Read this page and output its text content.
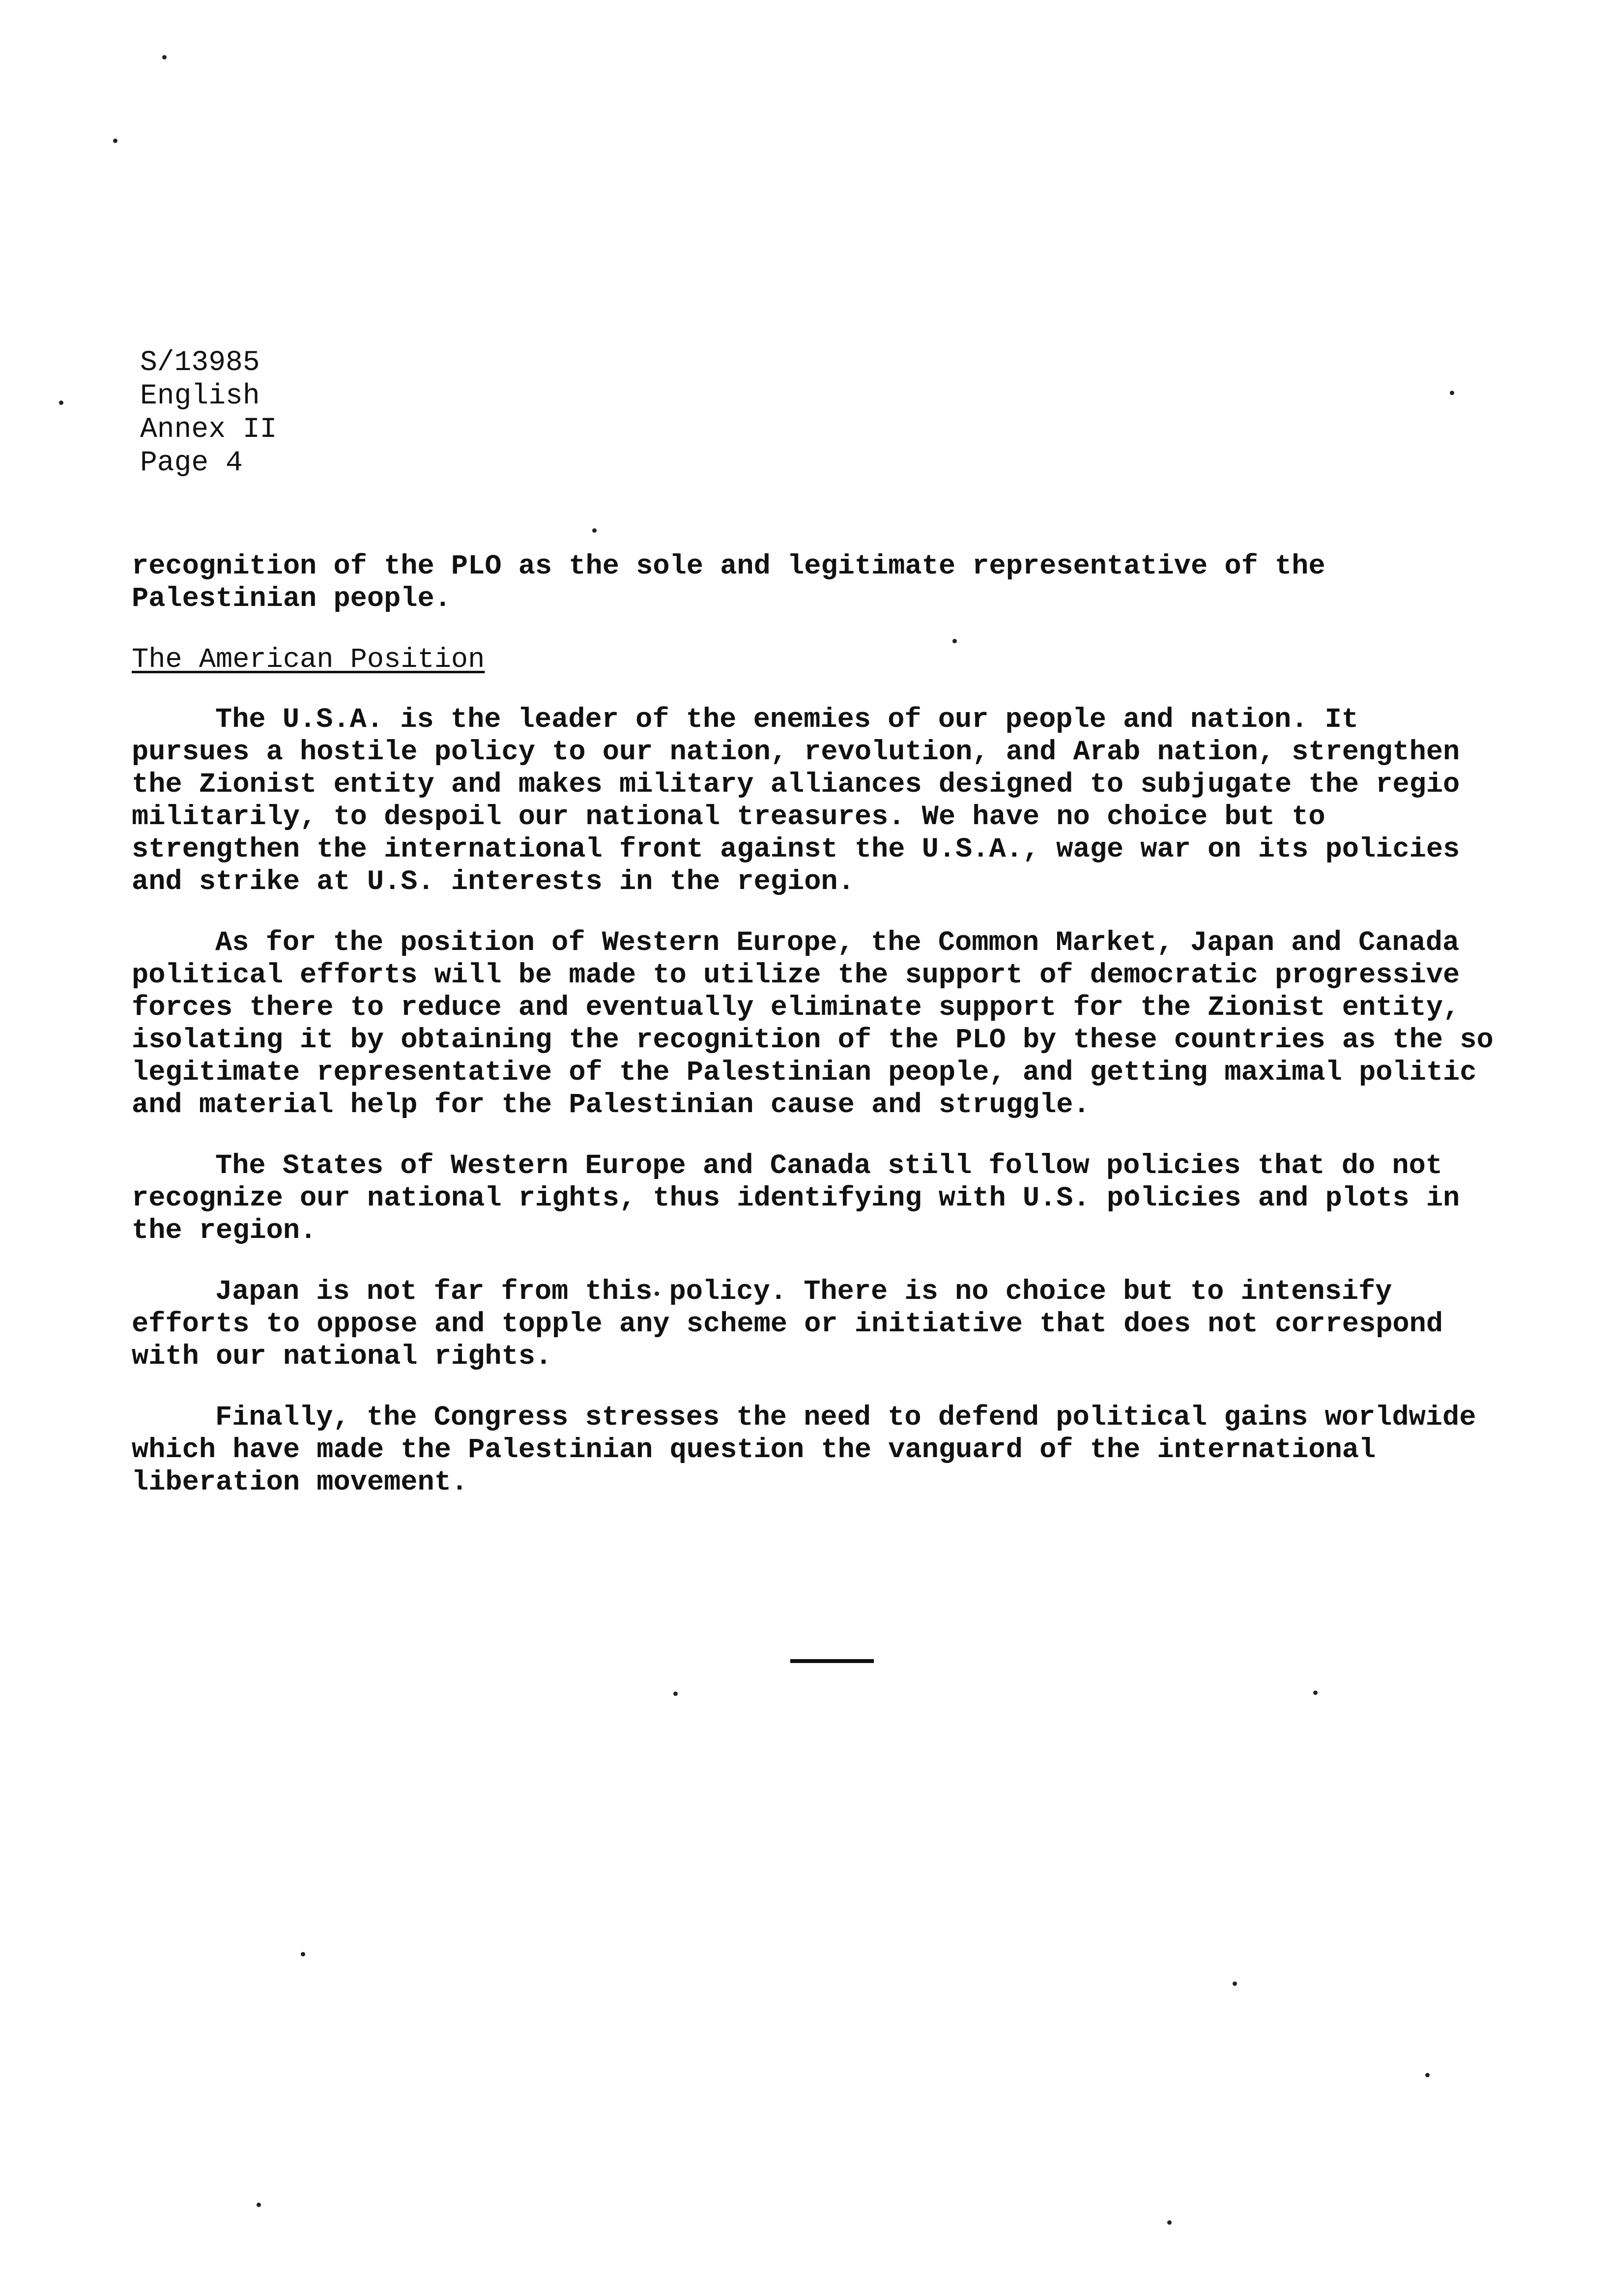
S/13985
English
Annex II
Page 4
recognition of the PLO as the sole and legitimate representative of the
Palestinian people.
The American Position
The U.S.A. is the leader of the enemies of our people and nation. It
pursues a hostile policy to our nation, revolution, and Arab nation, strengthen
the Zionist entity and makes military alliances designed to subjugate the regio
militarily, to despoil our national treasures. We have no choice but to
strengthen the international front against the U.S.A., wage war on its policies
and strike at U.S. interests in the region.
As for the position of Western Europe, the Common Market, Japan and Canada
political efforts will be made to utilize the support of democratic progressive
forces there to reduce and eventually eliminate support for the Zionist entity,
isolating it by obtaining the recognition of the PLO by these countries as the so
legitimate representative of the Palestinian people, and getting maximal politic
and material help for the Palestinian cause and struggle.
The States of Western Europe and Canada still follow policies that do not
recognize our national rights, thus identifying with U.S. policies and plots in
the region.
Japan is not far from this policy. There is no choice but to intensify
efforts to oppose and topple any scheme or initiative that does not correspond
with our national rights.
Finally, the Congress stresses the need to defend political gains worldwide
which have made the Palestinian question the vanguard of the international
liberation movement.
